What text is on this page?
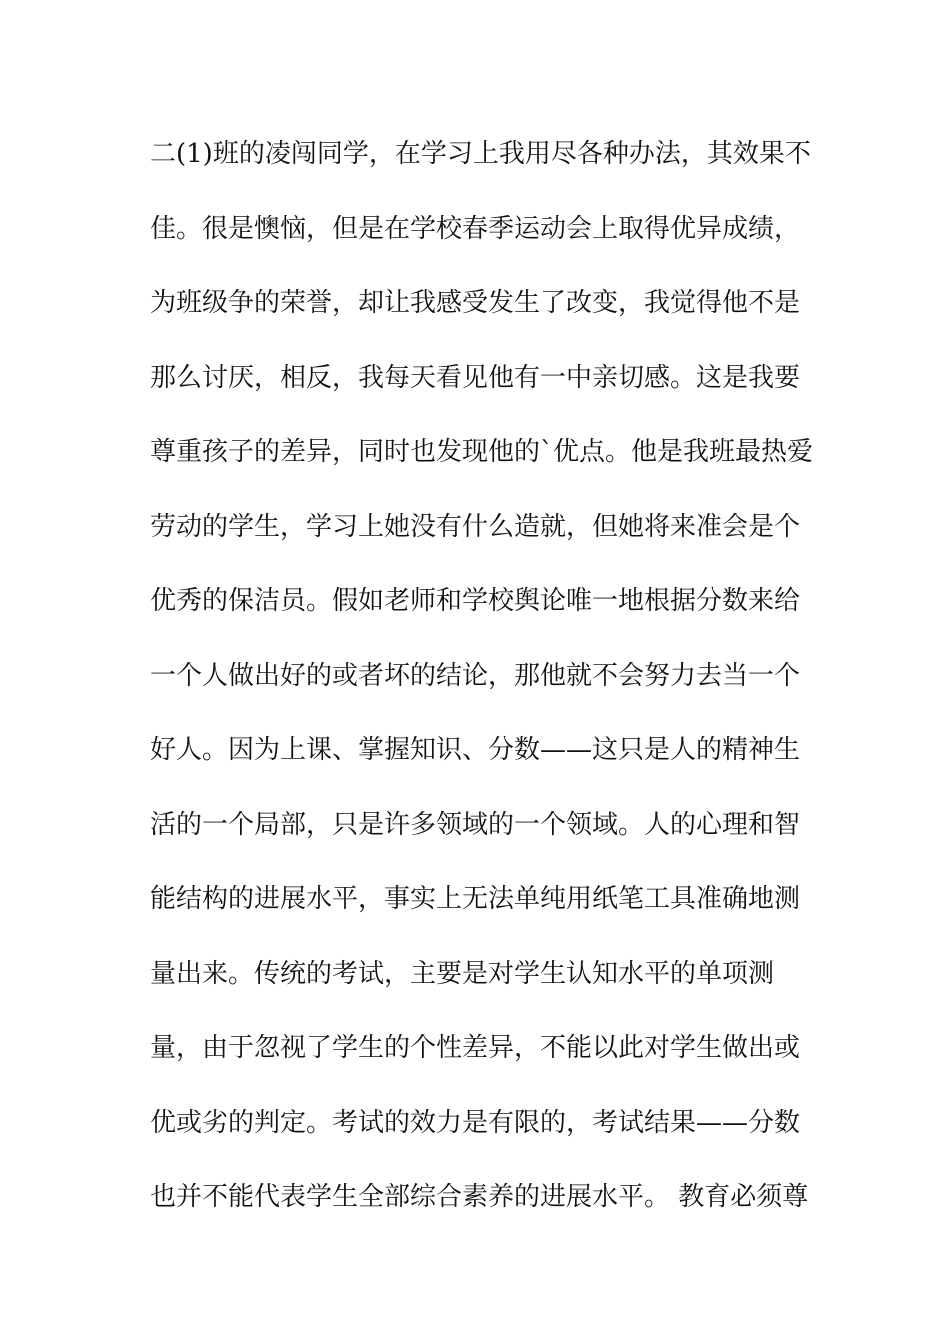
二(1)班的凌闯同学，在学习上我用尽各种办法，其效果不
佳。很是懊恼，但是在学校春季运动会上取得优异成绩，
为班级争的荣誉，却让我感受发生了改变，我觉得他不是
那么讨厌，相反，我每天看见他有一中亲切感。这是我要
尊重孩子的差异，同时也发现他的`优点。他是我班最热爱
劳动的学生，学习上她没有什么造就，但她将来准会是个
优秀的保洁员。假如老师和学校舆论唯一地根据分数来给
一个人做出好的或者坏的结论，那他就不会努力去当一个
好人。因为上课、掌握知识、分数——这只是人的精神生
活的一个局部，只是许多领域的一个领域。人的心理和智
能结构的进展水平，事实上无法单纯用纸笔工具准确地测
量出来。传统的考试，主要是对学生认知水平的单项测
量，由于忽视了学生的个性差异，不能以此对学生做出或
优或劣的判定。考试的效力是有限的，考试结果——分数
也并不能代表学生全部综合素养的进展水平。 教育必须尊
